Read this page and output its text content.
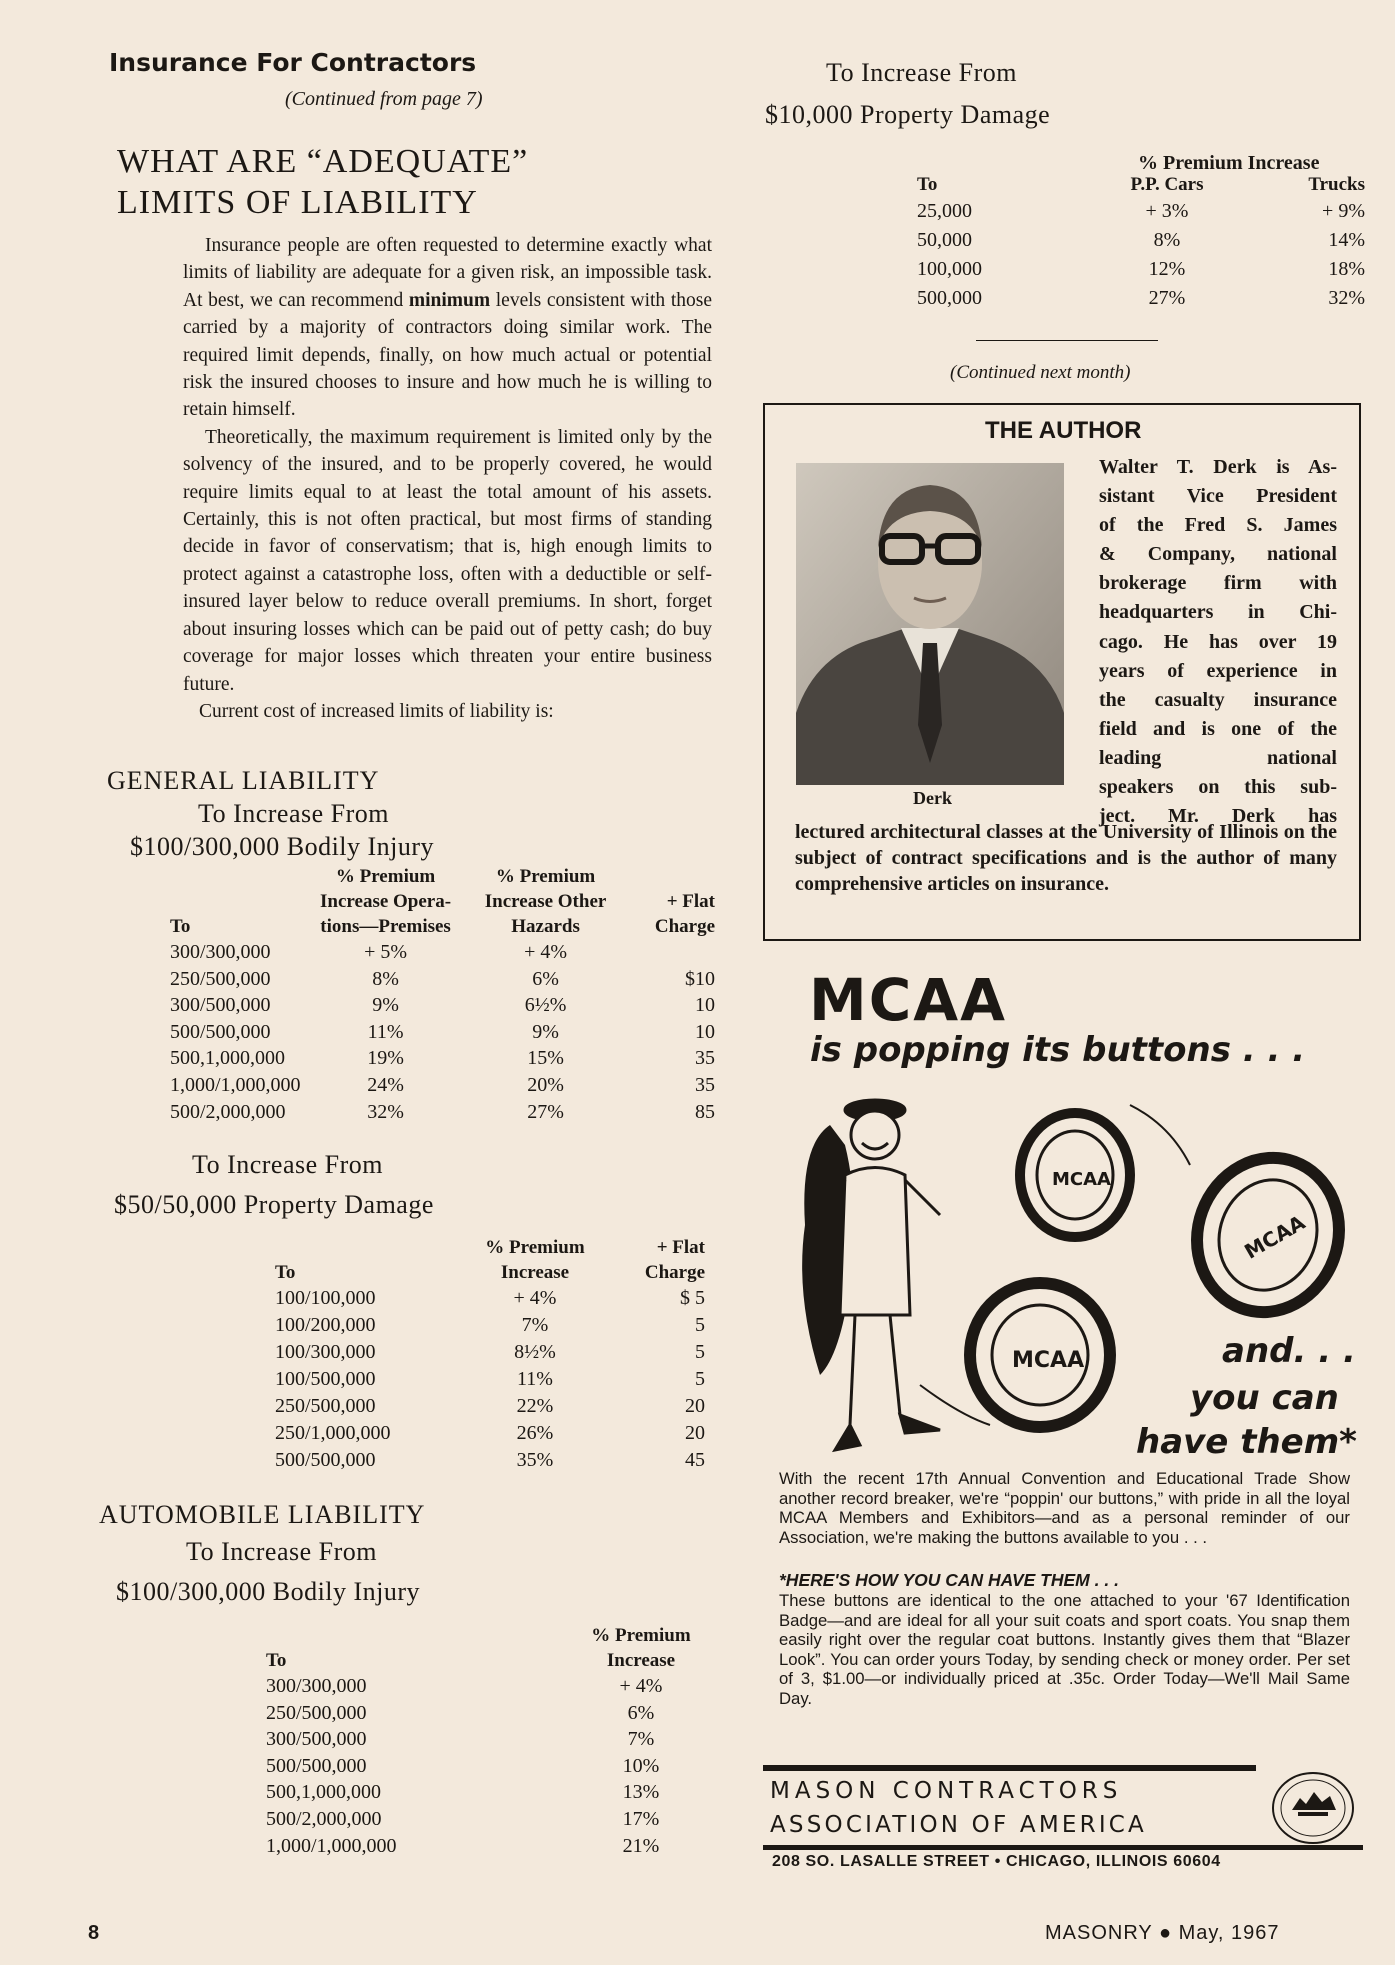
Insurance For Contractors
(Continued from page 7)
WHAT ARE “ADEQUATE”
LIMITS OF LIABILITY

Insurance people are often requested to determine exactly what limits of liability are adequate for a given risk, an impossible task. At best, we can recommend minimum levels consistent with those carried by a majority of contractors doing similar work. The required limit depends, finally, on how much actual or potential risk the insured chooses to insure and how much he is willing to retain himself.

Theoretically, the maximum requirement is limited only by the solvency of the insured, and to be properly covered, he would require limits equal to at least the total amount of his assets. Certainly, this is not often practical, but most firms of standing decide in favor of conservatism; that is, high enough limits to protect against a catastrophe loss, often with a deductible or self-insured layer below to reduce overall premiums. In short, forget about insuring losses which can be paid out of petty cash; do buy coverage for major losses which threaten your entire business future.

Current cost of increased limits of liability is:

GENERAL LIABILITY
To Increase From
$100/300,000 Bodily Injury
	% Premium	% Premium	
	Increase Opera-	Increase Other	+ Flat
To	tions—Premises	Hazards	Charge
300/300,000	+ 5%	+ 4%	
250/500,000	8%	6%	$10
300/500,000	9%	6½%	10
500/500,000	11%	9%	10
500,1,000,000	19%	15%	35
1,000/1,000,000	24%	20%	35
500/2,000,000	32%	27%	85
To Increase From
$50/50,000 Property Damage
	% Premium	+ Flat
To	Increase	Charge
100/100,000	+ 4%	$ 5
100/200,000	7%	5
100/300,000	8½%	5
100/500,000	11%	5
250/500,000	22%	20
250/1,000,000	26%	20
500/500,000	35%	45
AUTOMOBILE LIABILITY
To Increase From
$100/300,000 Bodily Injury
	% Premium
To	Increase
300/300,000	+ 4%
250/500,000	6%
300/500,000	7%
500/500,000	10%
500,1,000,000	13%
500/2,000,000	17%
1,000/1,000,000	21%
8
To Increase From
$10,000 Property Damage
% Premium Increase
To	P.P. Cars	Trucks
25,000	+ 3%	+ 9%
50,000	8%	14%
100,000	12%	18%
500,000	27%	32%
(Continued next month)
THE AUTHOR
Derk
Walter T. Derk is As-
sistant Vice President
of the Fred S. James
& Company, national
brokerage firm with
headquarters in Chi-
cago. He has over 19
years of experience in
the casualty insurance
field and is one of the
leading national
speakers on this sub-
ject. Mr. Derk has
lectured architectural classes at the University of Illinois on the subject of contract specifications and is the author of many comprehensive articles on insurance.
MCAA
is popping its buttons . . .
MCAA
MCAA
MCAA	and. . .
you can
have them*

With the recent 17th Annual Convention and Educational Trade Show another record breaker, we're “poppin' our buttons,” with pride in all the loyal MCAA Members and Exhibitors—and as a personal reminder of our Association, we're making the buttons available to you . . .

*HERE'S HOW YOU CAN HAVE THEM . . .

These buttons are identical to the one attached to your '67 Identification Badge—and are ideal for all your suit coats and sport coats. You snap them easily right over the regular coat buttons. Instantly gives them that “Blazer Look”. You can order yours Today, by sending check or money order. Per set of 3, $1.00—or individually priced at .35c. Order Today—We'll Mail Same Day.

MASON CONTRACTORS
ASSOCIATION OF AMERICA
208 SO. LASALLE STREET • CHICAGO, ILLINOIS 60604
MASONRY ● May, 1967
